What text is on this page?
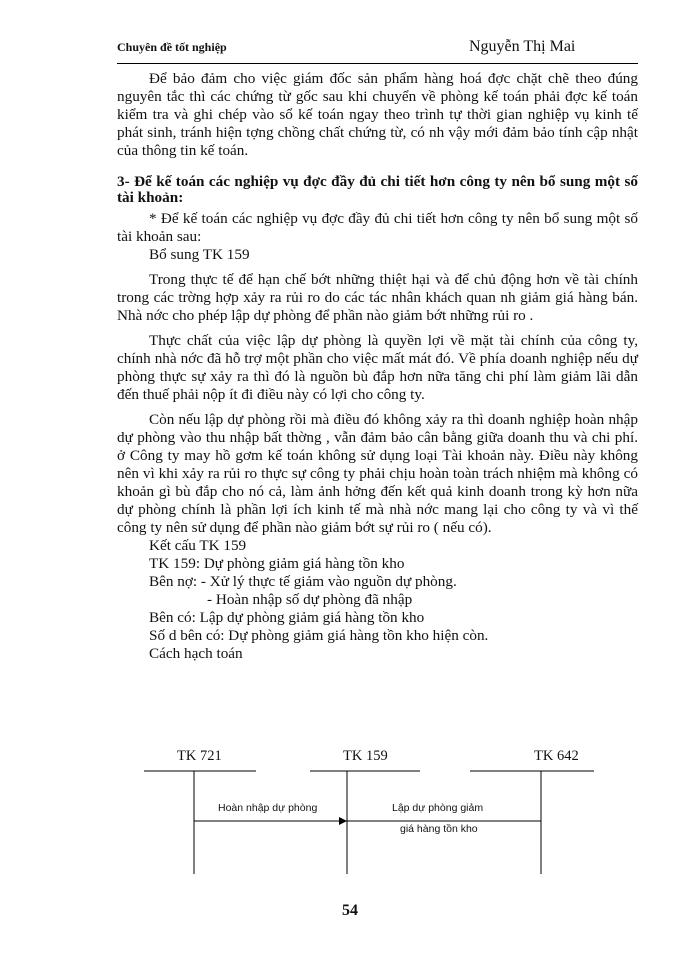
Chuyên đề tốt nghiệp	Nguyễn Thị Mai

Để bảo đảm cho việc giám đốc sản phẩm hàng hoá đợc chặt chẽ theo đúng nguyên tắc thì các chứng từ gốc sau khi chuyển về phòng kế toán phải đợc kế toán kiểm tra và ghi chép vào sổ kế toán ngay theo trình tự thời gian nghiệp vụ kinh tế phát sinh, tránh hiện tợng chồng chất chứng từ, có nh vậy mới đảm bảo tính cập nhật của thông tin kế toán.

3- Để kế toán các nghiệp vụ đợc đầy đủ chi tiết hơn công ty nên bổ sung một số tài khoản:

* Để kế toán các nghiệp vụ đợc đầy đủ chi tiết hơn công ty nên bổ sung một số tài khoản sau:

Bổ sung TK 159

Trong thực tế để hạn chế bớt những thiệt hại và để chủ động hơn về tài chính trong các trờng hợp xảy ra rủi ro do các tác nhân khách quan nh giảm giá hàng bán. Nhà nớc cho phép lập dự phòng để phần nào giảm bớt những rủi ro .

Thực chất của việc lập dự phòng là quyền lợi về mặt tài chính của công ty, chính nhà nớc đã hỗ trợ một phần cho việc mất mát đó. Về phía doanh nghiệp nếu dự phòng thực sự xảy ra thì đó là nguồn bù đắp hơn nữa tăng chi phí làm giảm lãi dẫn đến thuế phải nộp ít đi điều này có lợi cho công ty.

Còn nếu lập dự phòng rồi mà điều đó không xảy ra thì doanh nghiệp hoàn nhập dự phòng vào thu nhập bất thờng , vẫn đảm bảo cân bằng giữa doanh thu và chi phí. ở Công ty may hồ gơm kế toán không sử dụng loại Tài khoản này. Điều này không nên vì khi xảy ra rủi ro thực sự công ty phải chịu hoàn toàn trách nhiệm mà không có khoản gì bù đắp cho nó cả, làm ảnh hởng đến kết quả kinh doanh trong kỳ hơn nữa dự phòng chính là phần lợi ích kinh tế mà nhà nớc mang lại cho công ty và vì thế công ty nên sử dụng để phần nào giảm bớt sự rủi ro ( nếu có).

Kết cấu TK 159

TK 159: Dự phòng giảm giá hàng tồn kho

Bên nợ: - Xử lý thực tế giảm vào nguồn dự phòng.

- Hoàn nhập số dự phòng đã nhập

Bên có: Lập dự phòng giảm giá hàng tồn kho

Số d bên có: Dự phòng giảm giá hàng tồn kho hiện còn.

Cách hạch toán

TK 721	TK 159	TK 642
Hoàn nhập dự phòng	Lập dự phòng giảm
giá hàng tồn kho
54
